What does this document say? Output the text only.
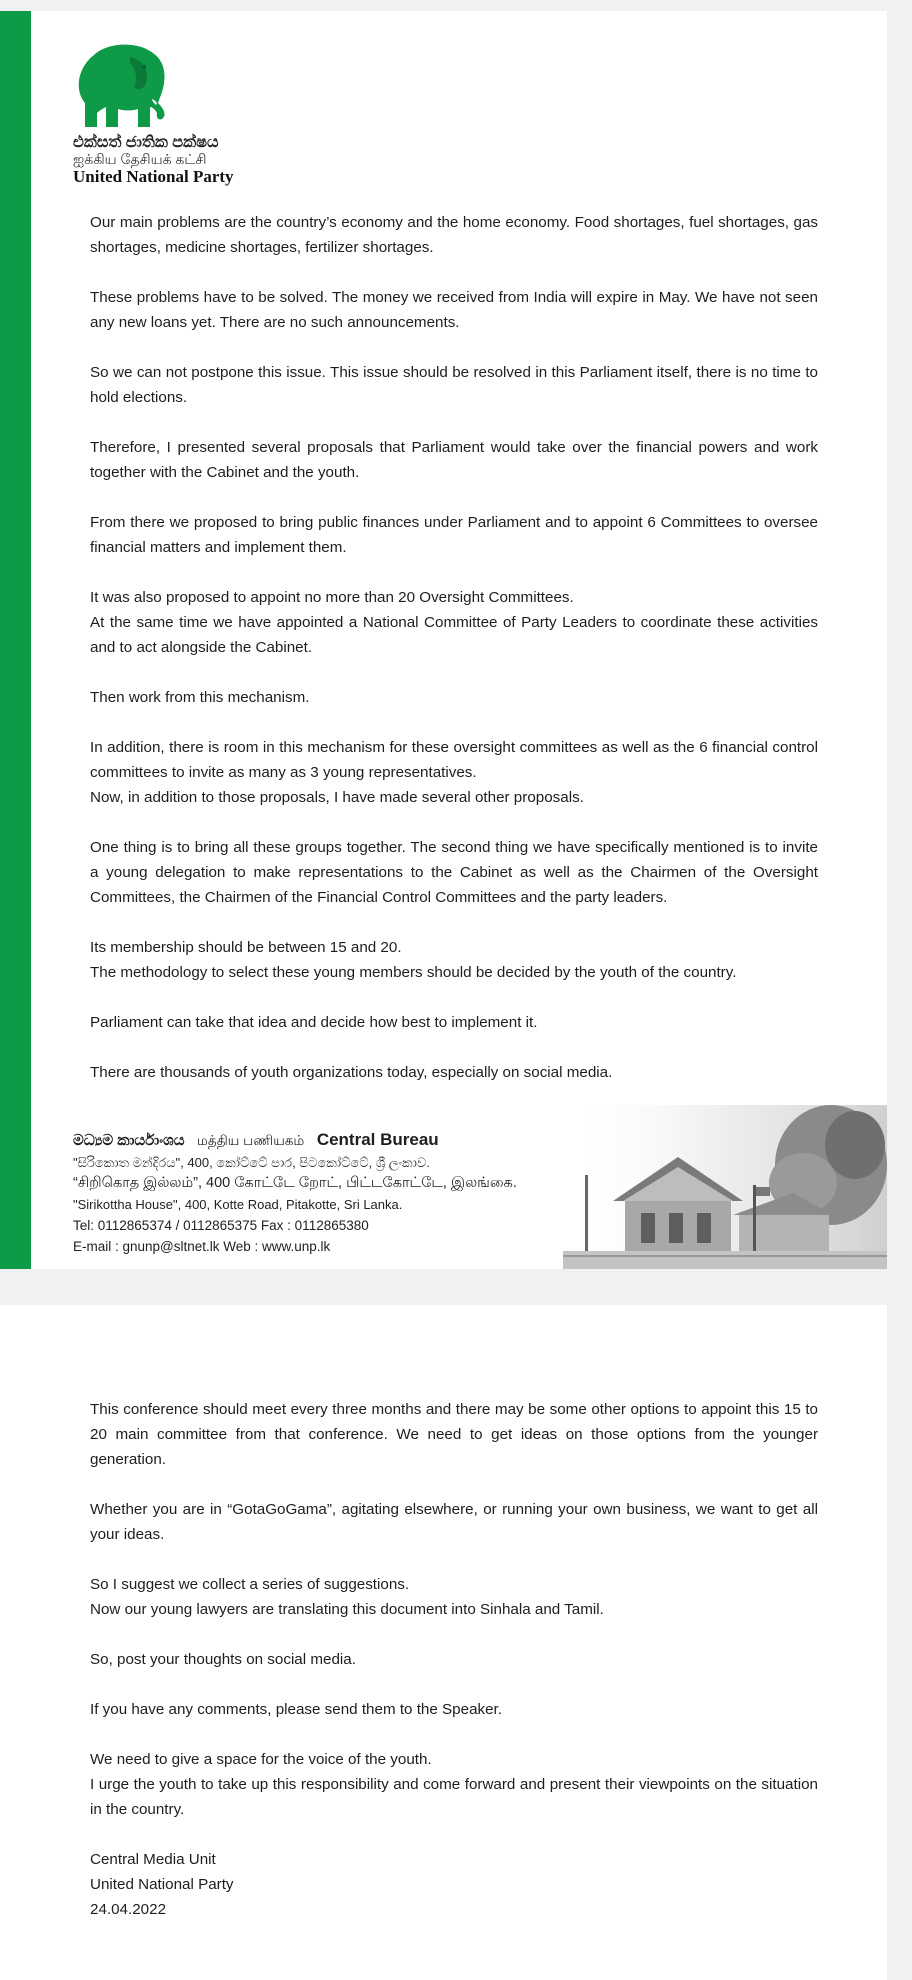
එක්සත් ජාතික පක්ෂය
ஐக்கிய தேசியக் கட்சி
United National Party
මධ්‍යම කාර්යාංශය மத்திய பணியகம் Central Bureau
"සිරිකොත මන්දිරය", 400, කෝට්ටේ පාර, පිටකෝට්ටේ, ශ්‍රී ලංකාව.
“சிறிகொத இல்லம்”, 400 கோட்டே றோட், பிட்டகோட்டே, இலங்கை.
"Sirikottha House", 400, Kotte Road, Pitakotte, Sri Lanka.
Tel: 0112865374 / 0112865375 Fax : 0112865380
E-mail : gnunp@sltnet.lk Web : www.unp.lk

Our main problems are the country’s economy and the home economy. Food shortages, fuel shortages, gas shortages, medicine shortages, fertilizer shortages.

These problems have to be solved. The money we received from India will expire in May. We have not seen any new loans yet. There are no such announcements.

So we can not postpone this issue. This issue should be resolved in this Parliament itself, there is no time to hold elections.

Therefore, I presented several proposals that Parliament would take over the financial powers and work together with the Cabinet and the youth.

From there we proposed to bring public finances under Parliament and to appoint 6 Committees to oversee financial matters and implement them.

It was also proposed to appoint no more than 20 Oversight Committees.
At the same time we have appointed a National Committee of Party Leaders to coordinate these activities and to act alongside the Cabinet.

Then work from this mechanism.

In addition, there is room in this mechanism for these oversight committees as well as the 6 financial control committees to invite as many as 3 young representatives.
Now, in addition to those proposals, I have made several other proposals.

One thing is to bring all these groups together. The second thing we have specifically mentioned is to invite a young delegation to make representations to the Cabinet as well as the Chairmen of the Oversight Committees, the Chairmen of the Financial Control Committees and the party leaders.

Its membership should be between 15 and 20.
The methodology to select these young members should be decided by the youth of the country.

Parliament can take that idea and decide how best to implement it.

There are thousands of youth organizations today, especially on social media.

This conference should meet every three months and there may be some other options to appoint this 15 to 20 main committee from that conference. We need to get ideas on those options from the younger generation.

Whether you are in “GotaGoGama”, agitating elsewhere, or running your own business, we want to get all your ideas.

So I suggest we collect a series of suggestions.
Now our young lawyers are translating this document into Sinhala and Tamil.

So, post your thoughts on social media.

If you have any comments, please send them to the Speaker.

We need to give a space for the voice of the youth.
I urge the youth to take up this responsibility and come forward and present their viewpoints on the situation in the country.

Central Media Unit
United National Party
24.04.2022
